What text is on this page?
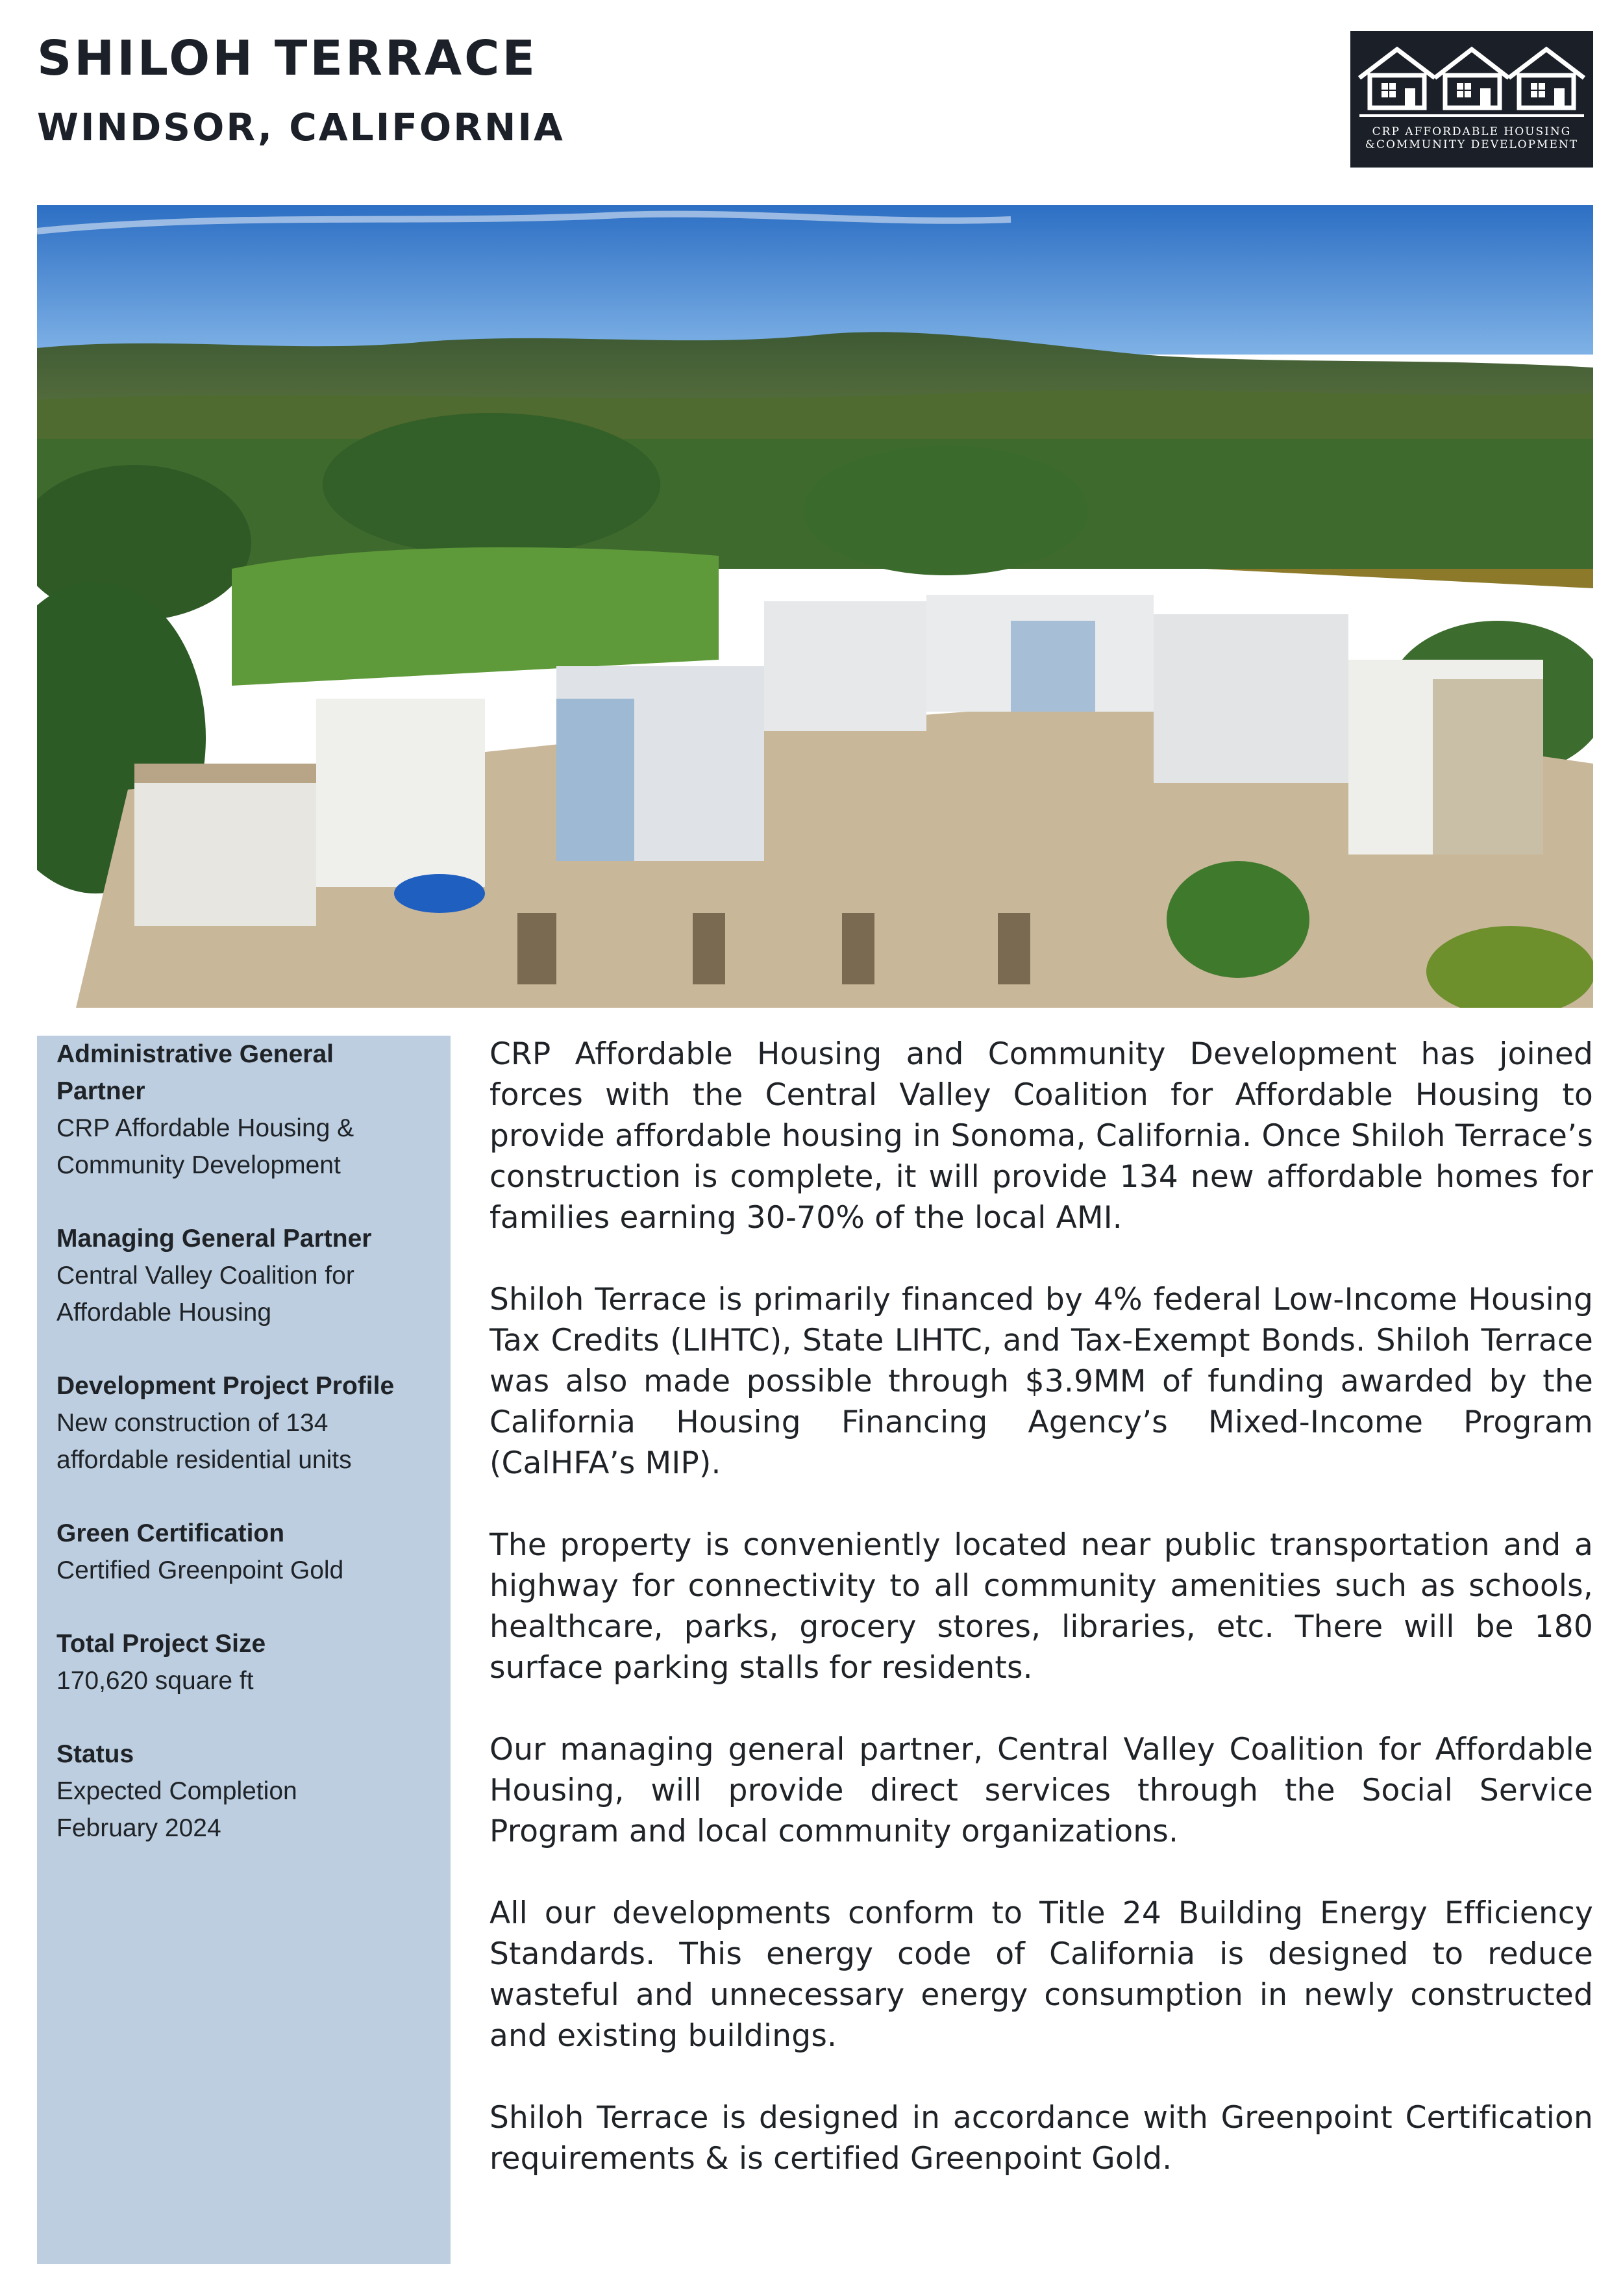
SHILOH TERRACE
WINDSOR, CALIFORNIA	CRP AFFORDABLE HOUSING
&COMMUNITY DEVELOPMENT

Administrative General

Partner

CRP Affordable Housing &

Community Development

Managing General Partner

Central Valley Coalition for

Affordable Housing

Development Project Profile

New construction of 134

affordable residential units

Green Certification

Certified Greenpoint Gold

Total Project Size

170,620 square ft

Status

Expected Completion

February 2024

CRP Affordable Housing and Community Development has joined forces with the Central Valley Coalition for Affordable Housing to provide affordable housing in Sonoma, California. Once Shiloh Terrace’s construction is complete, it will provide 134 new affordable homes for families earning 30-70% of the local AMI.

Shiloh Terrace is primarily financed by 4% federal Low-Income Housing Tax Credits (LIHTC), State LIHTC, and Tax-Exempt Bonds. Shiloh Terrace was also made possible through $3.9MM of funding awarded by the California Housing Financing Agency’s Mixed-Income Program (CalHFA’s MIP).

The property is conveniently located near public transportation and a highway for connectivity to all community amenities such as schools, healthcare, parks, grocery stores, libraries, etc. There will be 180 surface parking stalls for residents.

Our managing general partner, Central Valley Coalition for Affordable Housing, will provide direct services through the Social Service Program and local community organizations.

All our developments conform to Title 24 Building Energy Efficiency Standards. This energy code of California is designed to reduce wasteful and unnecessary energy consumption in newly constructed and existing buildings.

Shiloh Terrace is designed in accordance with Greenpoint Certification requirements & is certified Greenpoint Gold.
